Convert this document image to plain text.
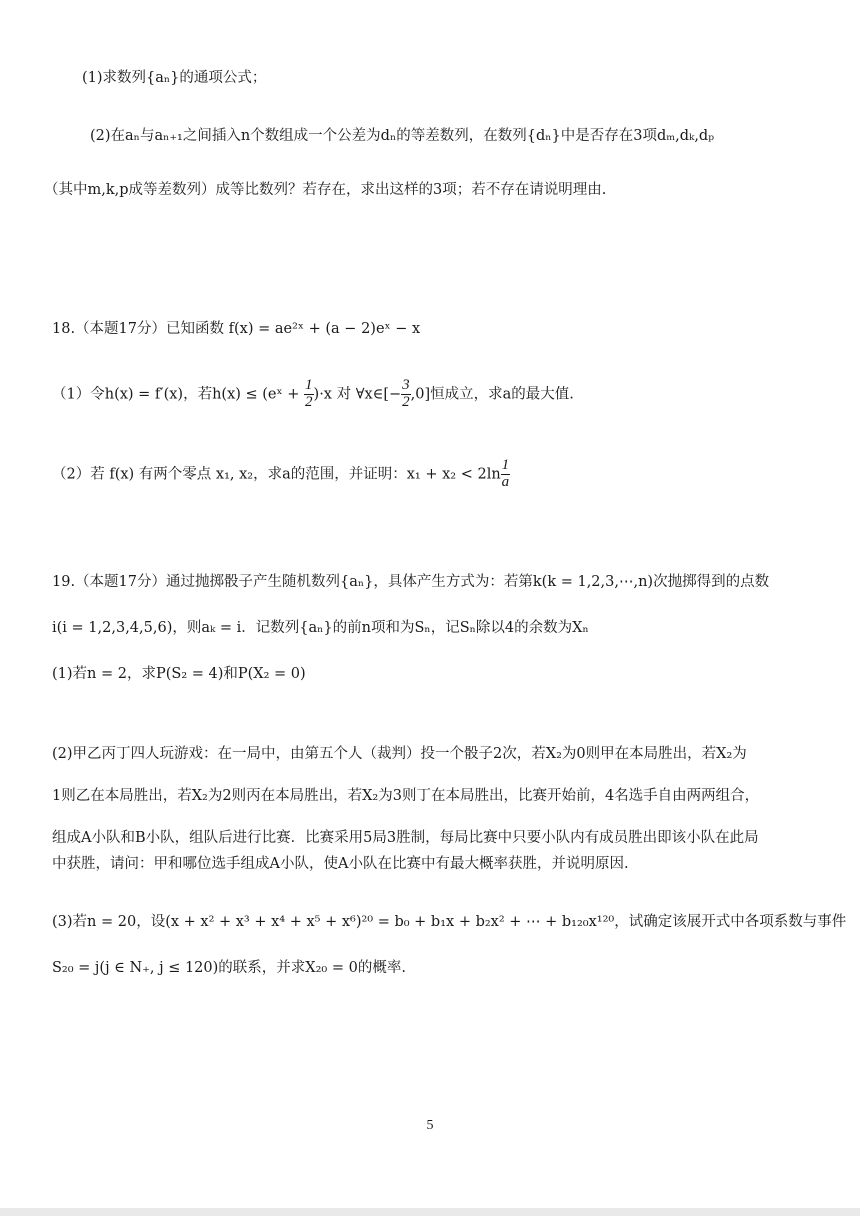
(1)求数列{aₙ}的通项公式；
(2)在aₙ与aₙ₊₁之间插入n个数组成一个公差为dₙ的等差数列，在数列{dₙ}中是否存在3项dₘ,dₖ,dₚ
（其中m,k,p成等差数列）成等比数列？若存在，求出这样的3项；若不存在请说明理由.
18.（本题17分）已知函数 f(x) = ae²ˣ + (a − 2)eˣ − x
（1）令h(x) = f′(x)，若h(x) ≤ (eˣ + $\frac{1}{2} )\cdot x$ 对 ∀x∈[− $\frac{3}{2} ,0$]恒成立，求a的最大值.
（2）若 f(x) 有两个零点 x₁, x₂，求a的范围，并证明：$x_1 + x_2 < 2\ln \frac{1}{a}$
19.（本题17分）通过抛掷骰子产生随机数列{aₙ}，具体产生方式为：若第k(k = 1,2,3,⋯,n)次抛掷得到的点数
i(i = 1,2,3,4,5,6)，则aₖ = i．记数列{aₙ}的前n项和为Sₙ，记Sₙ除以4的余数为Xₙ
(1)若n = 2，求P(S₂ = 4)和P(X₂ = 0)
(2)甲乙丙丁四人玩游戏：在一局中，由第五个人（裁判）投一个骰子2次，若X₂为0则甲在本局胜出，若X₂为
1则乙在本局胜出，若X₂为2则丙在本局胜出，若X₂为3则丁在本局胜出，比赛开始前，4名选手自由两两组合，
组成A小队和B小队，组队后进行比赛．比赛采用5局3胜制，每局比赛中只要小队内有成员胜出即该小队在此局
中获胜，请问：甲和哪位选手组成A小队，使A小队在比赛中有最大概率获胜，并说明原因.
(3)若n = 20，设(x + x² + x³ + x⁴ + x⁵ + x⁶)²⁰ = b₀ + b₁x + b₂x² + ⋯ + b₁₂₀x¹²⁰，试确定该展开式中各项系数与事件
S₂₀ = j(j ∈ N₊, j ≤ 120)的联系，并求X₂₀ = 0的概率.
5
